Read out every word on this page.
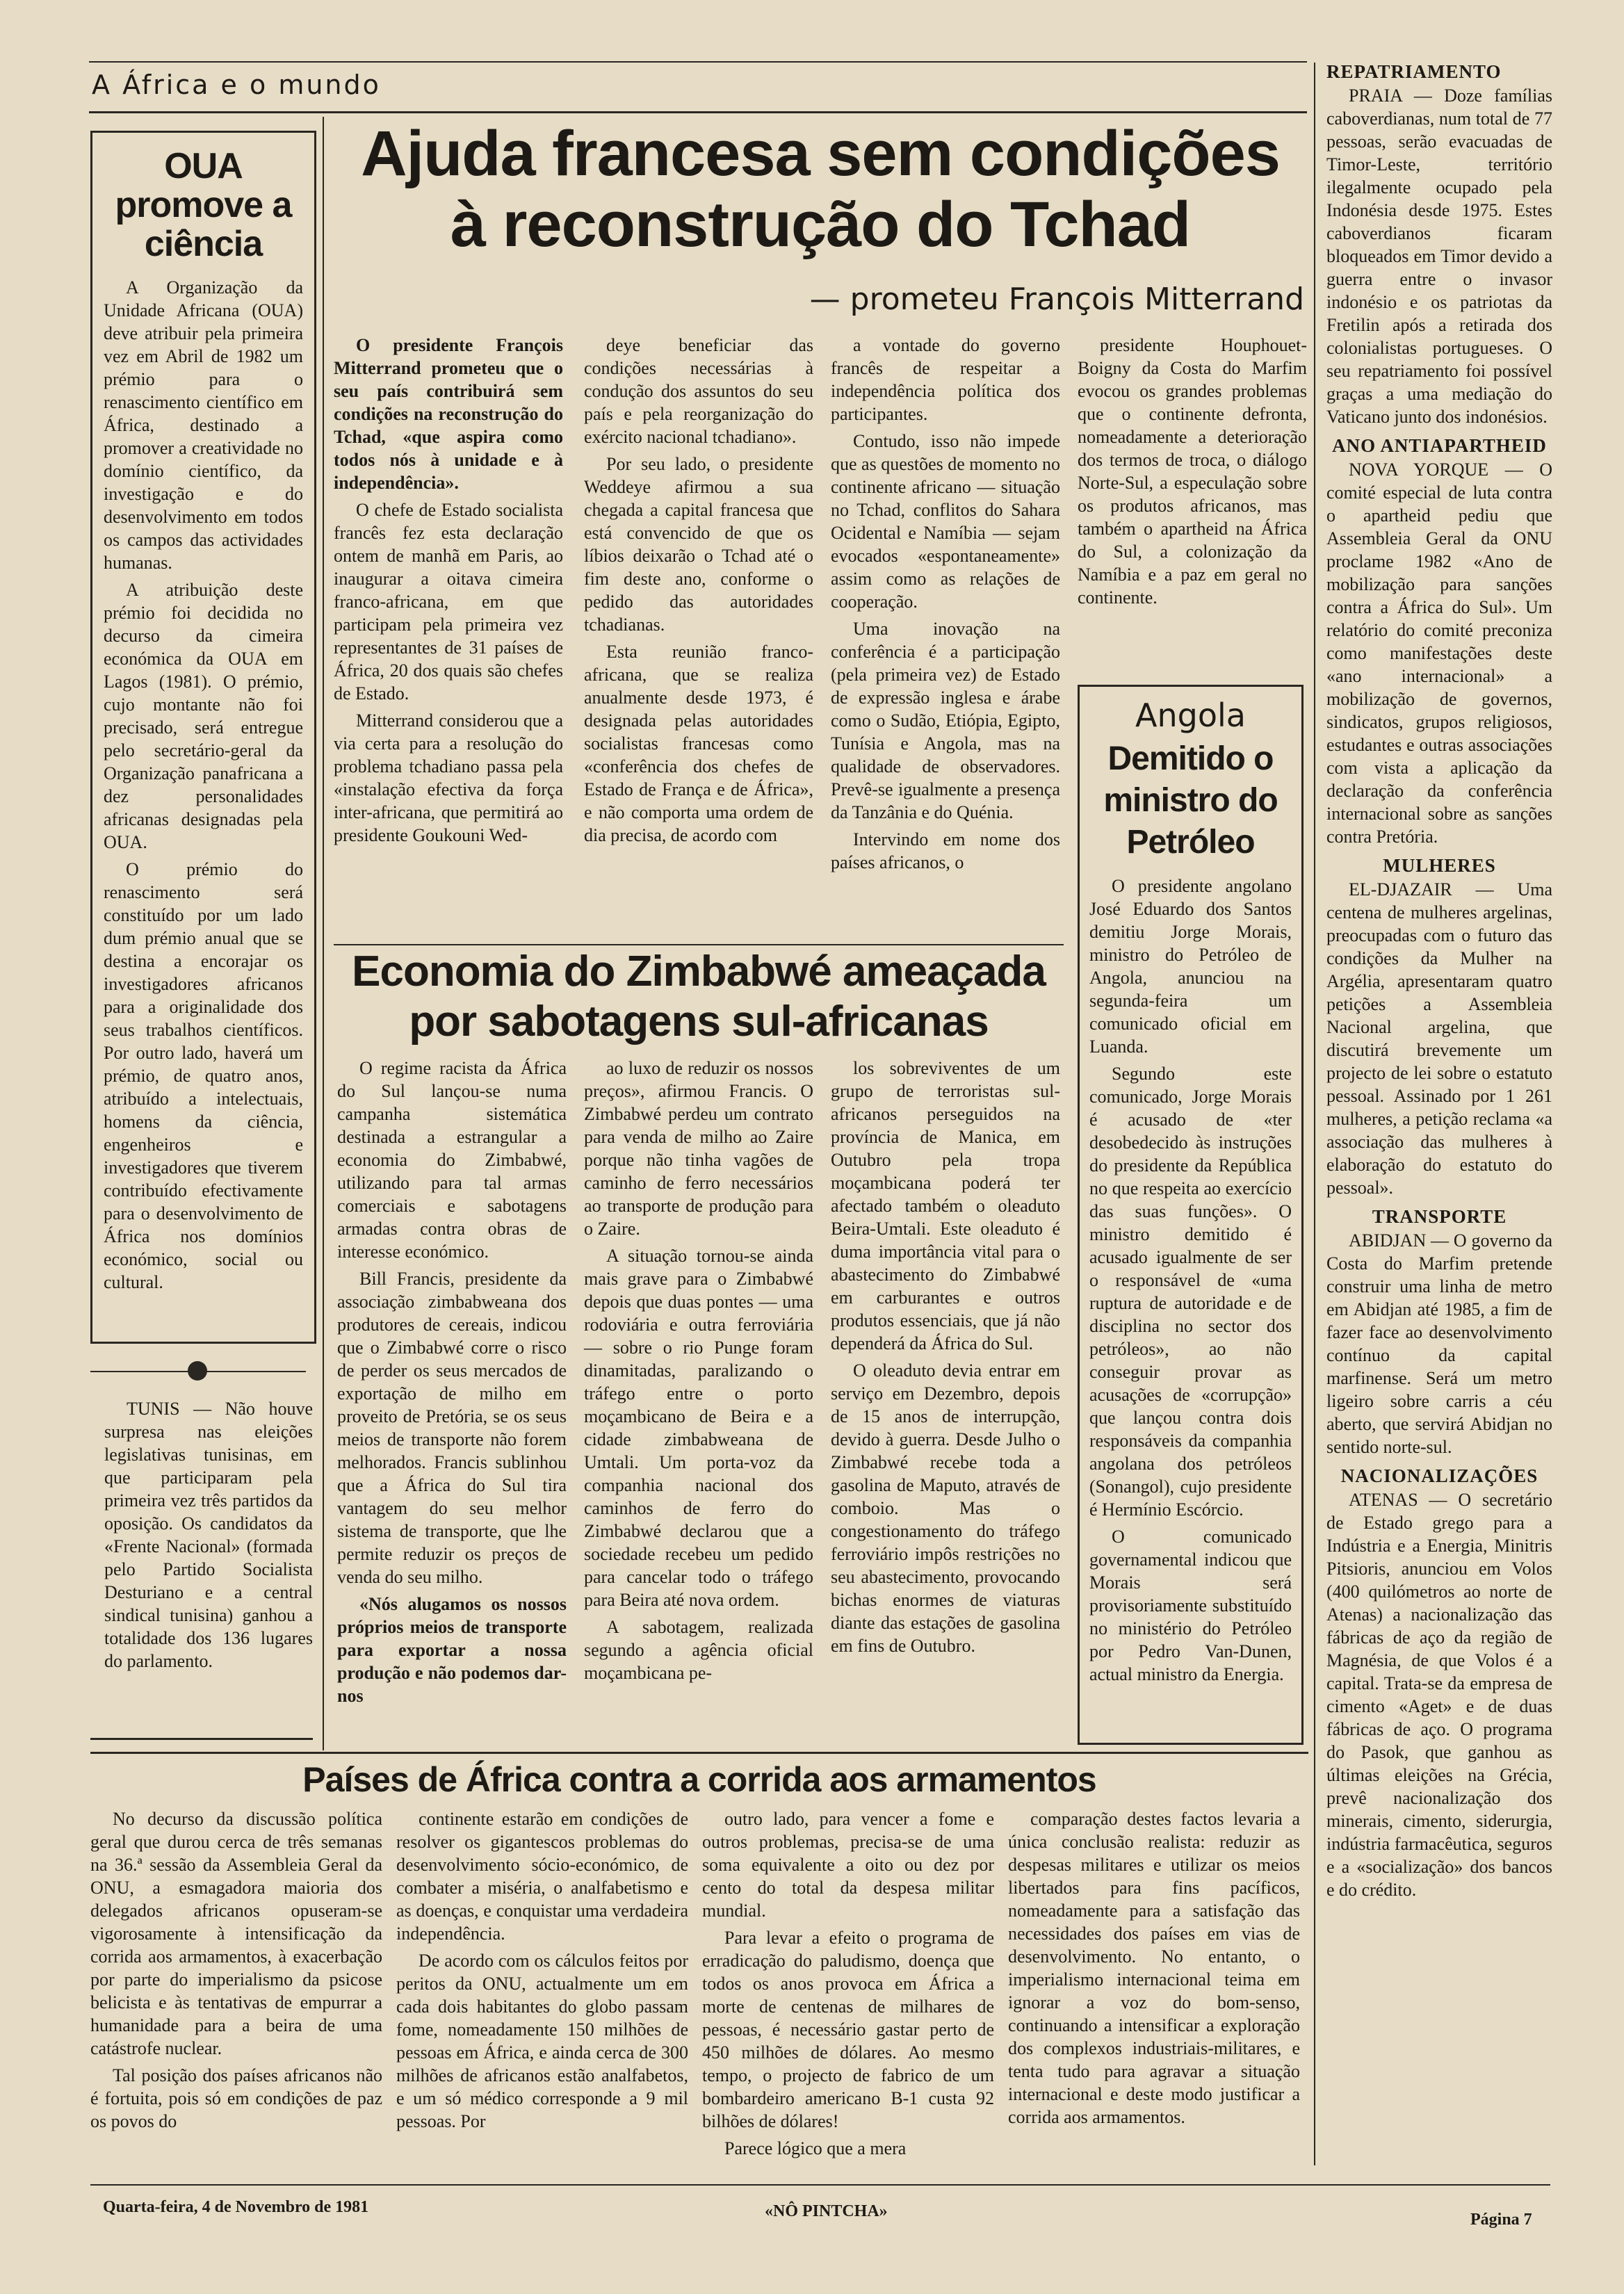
A África e o mundo
OUA promove a ciência

A Organização da Unidade Africana (OUA) deve atribuir pela primeira vez em Abril de 1982 um prémio para o renascimento científico em África, destinado a promover a creatividade no domínio científico, da investigação e do desenvolvimento em todos os campos das actividades humanas.

A atribuição deste prémio foi decidida no decurso da cimeira económica da OUA em Lagos (1981). O prémio, cujo montante não foi precisado, será entregue pelo secretário-geral da Organização panafricana a dez personalidades africanas designadas pela OUA.

O prémio do renascimento será constituído por um lado dum prémio anual que se destina a encorajar os investigadores africanos para a originalidade dos seus trabalhos científicos. Por outro lado, haverá um prémio, de quatro anos, atribuído a intelectuais, homens da ciência, engenheiros e investigadores que tiverem contribuído efectivamente para o desenvolvimento de África nos domínios económico, social ou cultural.

TUNIS — Não houve surpresa nas eleições legislativas tunisinas, em que participaram pela primeira vez três partidos da oposição. Os candidatos da «Frente Nacional» (formada pelo Partido Socialista Desturiano e a central sindical tunisina) ganhou a totalidade dos 136 lugares do parlamento.

Ajuda francesa sem condições
à reconstrução do Tchad
— prometeu François Mitterrand

O presidente François Mitterrand prometeu que o seu país contribuirá sem condições na reconstrução do Tchad, «que aspira como todos nós à unidade e à independência».

O chefe de Estado socialista francês fez esta declaração ontem de manhã em Paris, ao inaugurar a oitava cimeira franco-africana, em que participam pela primeira vez representantes de 31 países de África, 20 dos quais são chefes de Estado.

Mitterrand considerou que a via certa para a resolução do problema tchadiano passa pela «instalação efectiva da força inter-africana, que permitirá ao presidente Goukouni Wed-

deye beneficiar das condições necessárias à condução dos assuntos do seu país e pela reorganização do exército nacional tchadiano».

Por seu lado, o presidente Weddeye afirmou a sua chegada a capital francesa que está convencido de que os líbios deixarão o Tchad até o fim deste ano, conforme o pedido das autoridades tchadianas.

Esta reunião franco-africana, que se realiza anualmente desde 1973, é designada pelas autoridades socialistas francesas como «conferência dos chefes de Estado de França e de África», e não comporta uma ordem de dia precisa, de acordo com

a vontade do governo francês de respeitar a independência política dos participantes.

Contudo, isso não impede que as questões de momento no continente africano — situação no Tchad, conflitos do Sahara Ocidental e Namíbia — sejam evocados «espontaneamente» assim como as relações de cooperação.

Uma inovação na conferência é a participação (pela primeira vez) de Estado de expressão inglesa e árabe como o Sudão, Etiópia, Egipto, Tunísia e Angola, mas na qualidade de observadores. Prevê-se igualmente a presença da Tanzânia e do Quénia.

Intervindo em nome dos países africanos, o

presidente Houphouet-Boigny da Costa do Marfim evocou os grandes problemas que o continente defronta, nomeadamente a deterioração dos termos de troca, o diálogo Norte-Sul, a especulação sobre os produtos africanos, mas também o apartheid na África do Sul, a colonização da Namíbia e a paz em geral no continente.

Angola
Demitido o ministro do Petróleo

O presidente angolano José Eduardo dos Santos demitiu Jorge Morais, ministro do Petróleo de Angola, anunciou na segunda-feira um comunicado oficial em Luanda.

Segundo este comunicado, Jorge Morais é acusado de «ter desobedecido às instruções do presidente da República no que respeita ao exercício das suas funções». O ministro demitido é acusado igualmente de ser o responsável de «uma ruptura de autoridade e de disciplina no sector dos petróleos», ao não conseguir provar as acusações de «corrupção» que lançou contra dois responsáveis da companhia angolana dos petróleos (Sonangol), cujo presidente é Hermínio Escórcio.

O comunicado governamental indicou que Morais será provisoriamente substituído no ministério do Petróleo por Pedro Van-Dunen, actual ministro da Energia.

Economia do Zimbabwé ameaçada
por sabotagens sul-africanas

O regime racista da África do Sul lançou-se numa campanha sistemática destinada a estrangular a economia do Zimbabwé, utilizando para tal armas comerciais e sabotagens armadas contra obras de interesse económico.

Bill Francis, presidente da associação zimbabweana dos produtores de cereais, indicou que o Zimbabwé corre o risco de perder os seus mercados de exportação de milho em proveito de Pretória, se os seus meios de transporte não forem melhorados. Francis sublinhou que a África do Sul tira vantagem do seu melhor sistema de transporte, que lhe permite reduzir os preços de venda do seu milho.

«Nós alugamos os nossos próprios meios de transporte para exportar a nossa produção e não podemos dar-nos

ao luxo de reduzir os nossos preços», afirmou Francis. O Zimbabwé perdeu um contrato para venda de milho ao Zaire porque não tinha vagões de caminho de ferro necessários ao transporte de produção para o Zaire.

A situação tornou-se ainda mais grave para o Zimbabwé depois que duas pontes — uma rodoviária e outra ferroviária — sobre o rio Punge foram dinamitadas, paralizando o tráfego entre o porto moçambicano de Beira e a cidade zimbabweana de Umtali. Um porta-voz da companhia nacional dos caminhos de ferro do Zimbabwé declarou que a sociedade recebeu um pedido para cancelar todo o tráfego para Beira até nova ordem.

A sabotagem, realizada segundo a agência oficial moçambicana pe-

los sobreviventes de um grupo de terroristas sul-africanos perseguidos na província de Manica, em Outubro pela tropa moçambicana poderá ter afectado também o oleaduto Beira-Umtali. Este oleaduto é duma importância vital para o abastecimento do Zimbabwé em carburantes e outros produtos essenciais, que já não dependerá da África do Sul.

O oleaduto devia entrar em serviço em Dezembro, depois de 15 anos de interrupção, devido à guerra. Desde Julho o Zimbabwé recebe toda a gasolina de Maputo, através de comboio. Mas o congestionamento do tráfego ferroviário impôs restrições no seu abastecimento, provocando bichas enormes de viaturas diante das estações de gasolina em fins de Outubro.

Países de África contra a corrida aos armamentos

No decurso da discussão política geral que durou cerca de três semanas na 36.ª sessão da Assembleia Geral da ONU, a esmagadora maioria dos delegados africanos opuseram-se vigorosamente à intensificação da corrida aos armamentos, à exacerbação por parte do imperialismo da psicose belicista e às tentativas de empurrar a humanidade para a beira de uma catástrofe nuclear.

Tal posição dos países africanos não é fortuita, pois só em condições de paz os povos do

continente estarão em condições de resolver os gigantescos problemas do desenvolvimento sócio-económico, de combater a miséria, o analfabetismo e as doenças, e conquistar uma verdadeira independência.

De acordo com os cálculos feitos por peritos da ONU, actualmente um em cada dois habitantes do globo passam fome, nomeadamente 150 milhões de pessoas em África, e ainda cerca de 300 milhões de africanos estão analfabetos, e um só médico corresponde a 9 mil pessoas. Por

outro lado, para vencer a fome e outros problemas, precisa-se de uma soma equivalente a oito ou dez por cento do total da despesa militar mundial.

Para levar a efeito o programa de erradicação do paludismo, doença que todos os anos provoca em África a morte de centenas de milhares de pessoas, é necessário gastar perto de 450 milhões de dólares. Ao mesmo tempo, o projecto de fabrico de um bombardeiro americano B-1 custa 92 bilhões de dólares!

Parece lógico que a mera

comparação destes factos levaria a única conclusão realista: reduzir as despesas militares e utilizar os meios libertados para fins pacíficos, nomeadamente para a satisfação das necessidades dos países em vias de desenvolvimento. No entanto, o imperialismo internacional teima em ignorar a voz do bom-senso, continuando a intensificar a exploração dos complexos industriais-militares, e tenta tudo para agravar a situação internacional e deste modo justificar a corrida aos armamentos.

REPATRIAMENTO

PRAIA — Doze famílias caboverdianas, num total de 77 pessoas, serão evacuadas de Timor-Leste, território ilegalmente ocupado pela Indonésia desde 1975. Estes caboverdianos ficaram bloqueados em Timor devido a guerra entre o invasor indonésio e os patriotas da Fretilin após a retirada dos colonialistas portugueses. O seu repatriamento foi possível graças a uma mediação do Vaticano junto dos indonésios.

ANO ANTIAPARTHEID

NOVA YORQUE — O comité especial de luta contra o apartheid pediu que Assembleia Geral da ONU proclame 1982 «Ano de mobilização para sanções contra a África do Sul». Um relatório do comité preconiza como manifestações deste «ano internacional» a mobilização de governos, sindicatos, grupos religiosos, estudantes e outras associações com vista a aplicação da declaração da conferência internacional sobre as sanções contra Pretória.

MULHERES

EL-DJAZAIR — Uma centena de mulheres argelinas, preocupadas com o futuro das condições da Mulher na Argélia, apresentaram quatro petições a Assembleia Nacional argelina, que discutirá brevemente um projecto de lei sobre o estatuto pessoal. Assinado por 1 261 mulheres, a petição reclama «a associação das mulheres à elaboração do estatuto do pessoal».

TRANSPORTE

ABIDJAN — O governo da Costa do Marfim pretende construir uma linha de metro em Abidjan até 1985, a fim de fazer face ao desenvolvimento contínuo da capital marfinense. Será um metro ligeiro sobre carris a céu aberto, que servirá Abidjan no sentido norte-sul.

NACIONALIZAÇÕES

ATENAS — O secretário de Estado grego para a Indústria e a Energia, Minitris Pitsioris, anunciou em Volos (400 quilómetros ao norte de Atenas) a nacionalização das fábricas de aço da região de Magnésia, de que Volos é a capital. Trata-se da empresa de cimento «Aget» e de duas fábricas de aço. O programa do Pasok, que ganhou as últimas eleições na Grécia, prevê nacionalização dos minerais, cimento, siderurgia, indústria farmacêutica, seguros e a «socialização» dos bancos e do crédito.

Quarta-feira, 4 de Novembro de 1981	«NÔ PINTCHA»	Página 7
